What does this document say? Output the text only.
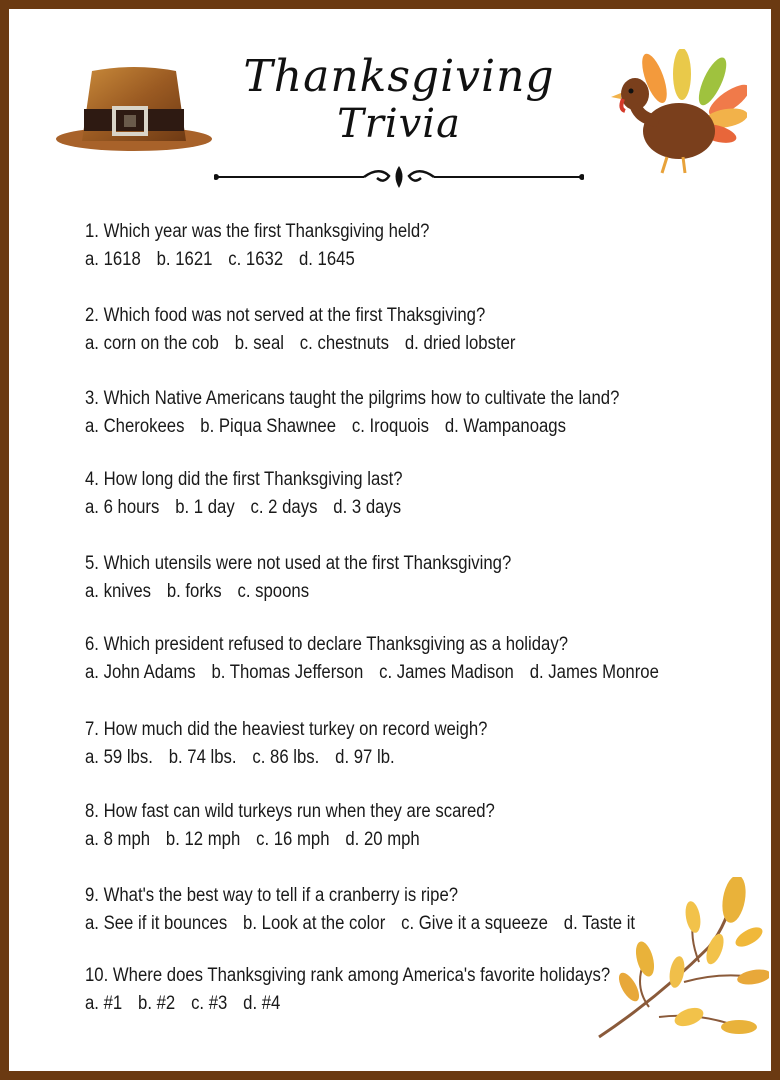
Thanksgiving
Trivia
1. Which year was the first Thanksgiving held?
a. 1618 b. 1621 c. 1632 d. 1645
2. Which food was not served at the first Thaksgiving?
a. corn on the cob b. seal c. chestnuts d. dried lobster
3. Which Native Americans taught the pilgrims how to cultivate the land?
a. Cherokees b. Piqua Shawnee c. Iroquois d. Wampanoags
4. How long did the first Thanksgiving last?
a. 6 hours b. 1 day c. 2 days d. 3 days
5. Which utensils were not used at the first Thanksgiving?
a. knives b. forks c. spoons
6. Which president refused to declare Thanksgiving as a holiday?
a. John Adams b. Thomas Jefferson c. James Madison d. James Monroe
7. How much did the heaviest turkey on record weigh?
a. 59 lbs. b. 74 lbs. c. 86 lbs. d. 97 lb.
8. How fast can wild turkeys run when they are scared?
a. 8 mph b. 12 mph c. 16 mph d. 20 mph
9. What's the best way to tell if a cranberry is ripe?
a. See if it bounces b. Look at the color c. Give it a squeeze d. Taste it
10. Where does Thanksgiving rank among America's favorite holidays?
a. #1 b. #2 c. #3 d. #4
